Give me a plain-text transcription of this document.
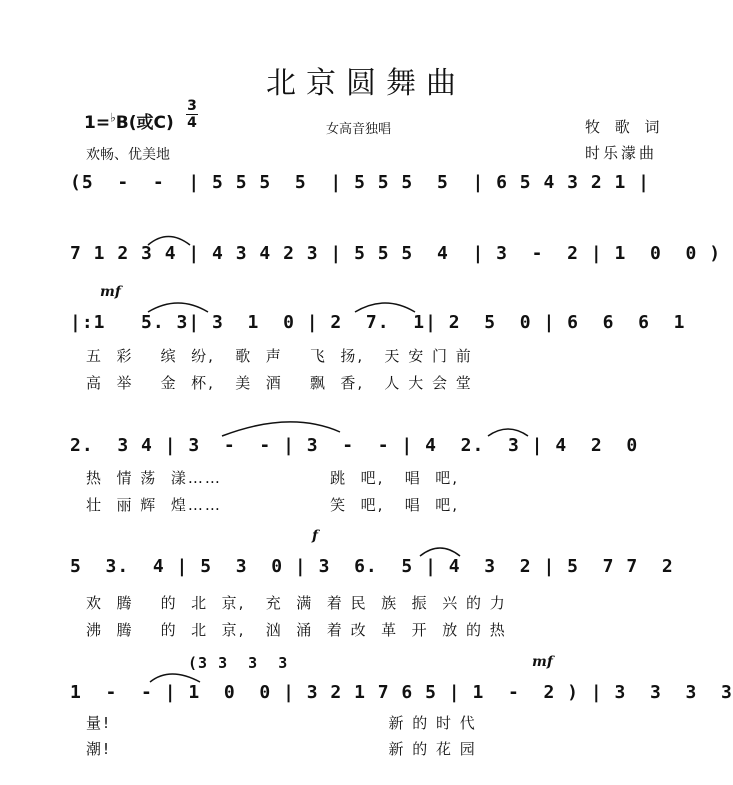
北京圆舞曲
1=♭B(或C)
3
4	女高音独唱	牧 歌 词
时乐濛曲
欢畅、优美地
(5  -  -  | 5 5 5  5  | 5 5 5  5  | 6 5 4 3 2 1 |
7 1 2 3 4 | 4 3 4 2 3 | 5 5 5  4  | 3  -  2 | 1  0  0 )
mf
|:1   5. 3| 3  1  0 | 2  7.  1| 2  5  0 | 6  6  6  1
五  彩    缤  纷,   歌  声    飞  扬,   天 安 门 前
高  举    金  杯,   美  酒    飘  香,   人 大 会 堂
2.  3 4 | 3  -  - | 3  -  - | 4  2.  3 | 4  2  0
热  情 荡  漾……                跳  吧,   唱  吧,
壮  丽 辉  煌……                笑  吧,   唱  吧,
f
5  3.  4 | 5  3  0 | 3  6.  5 | 4  3  2 | 5  7 7  2
欢  腾    的  北  京,   充  满  着 民  族  振  兴 的 力
沸  腾    的  北  京,   汹  涌  着 改  革  开  放 的 热
(3 3  3  3	mf
1  -  - | 1  0  0 | 3 2 1 7 6 5 | 1  -  2 ) | 3  3  3  3
量!                                         新 的 时 代
潮!                                         新 的 花 园
